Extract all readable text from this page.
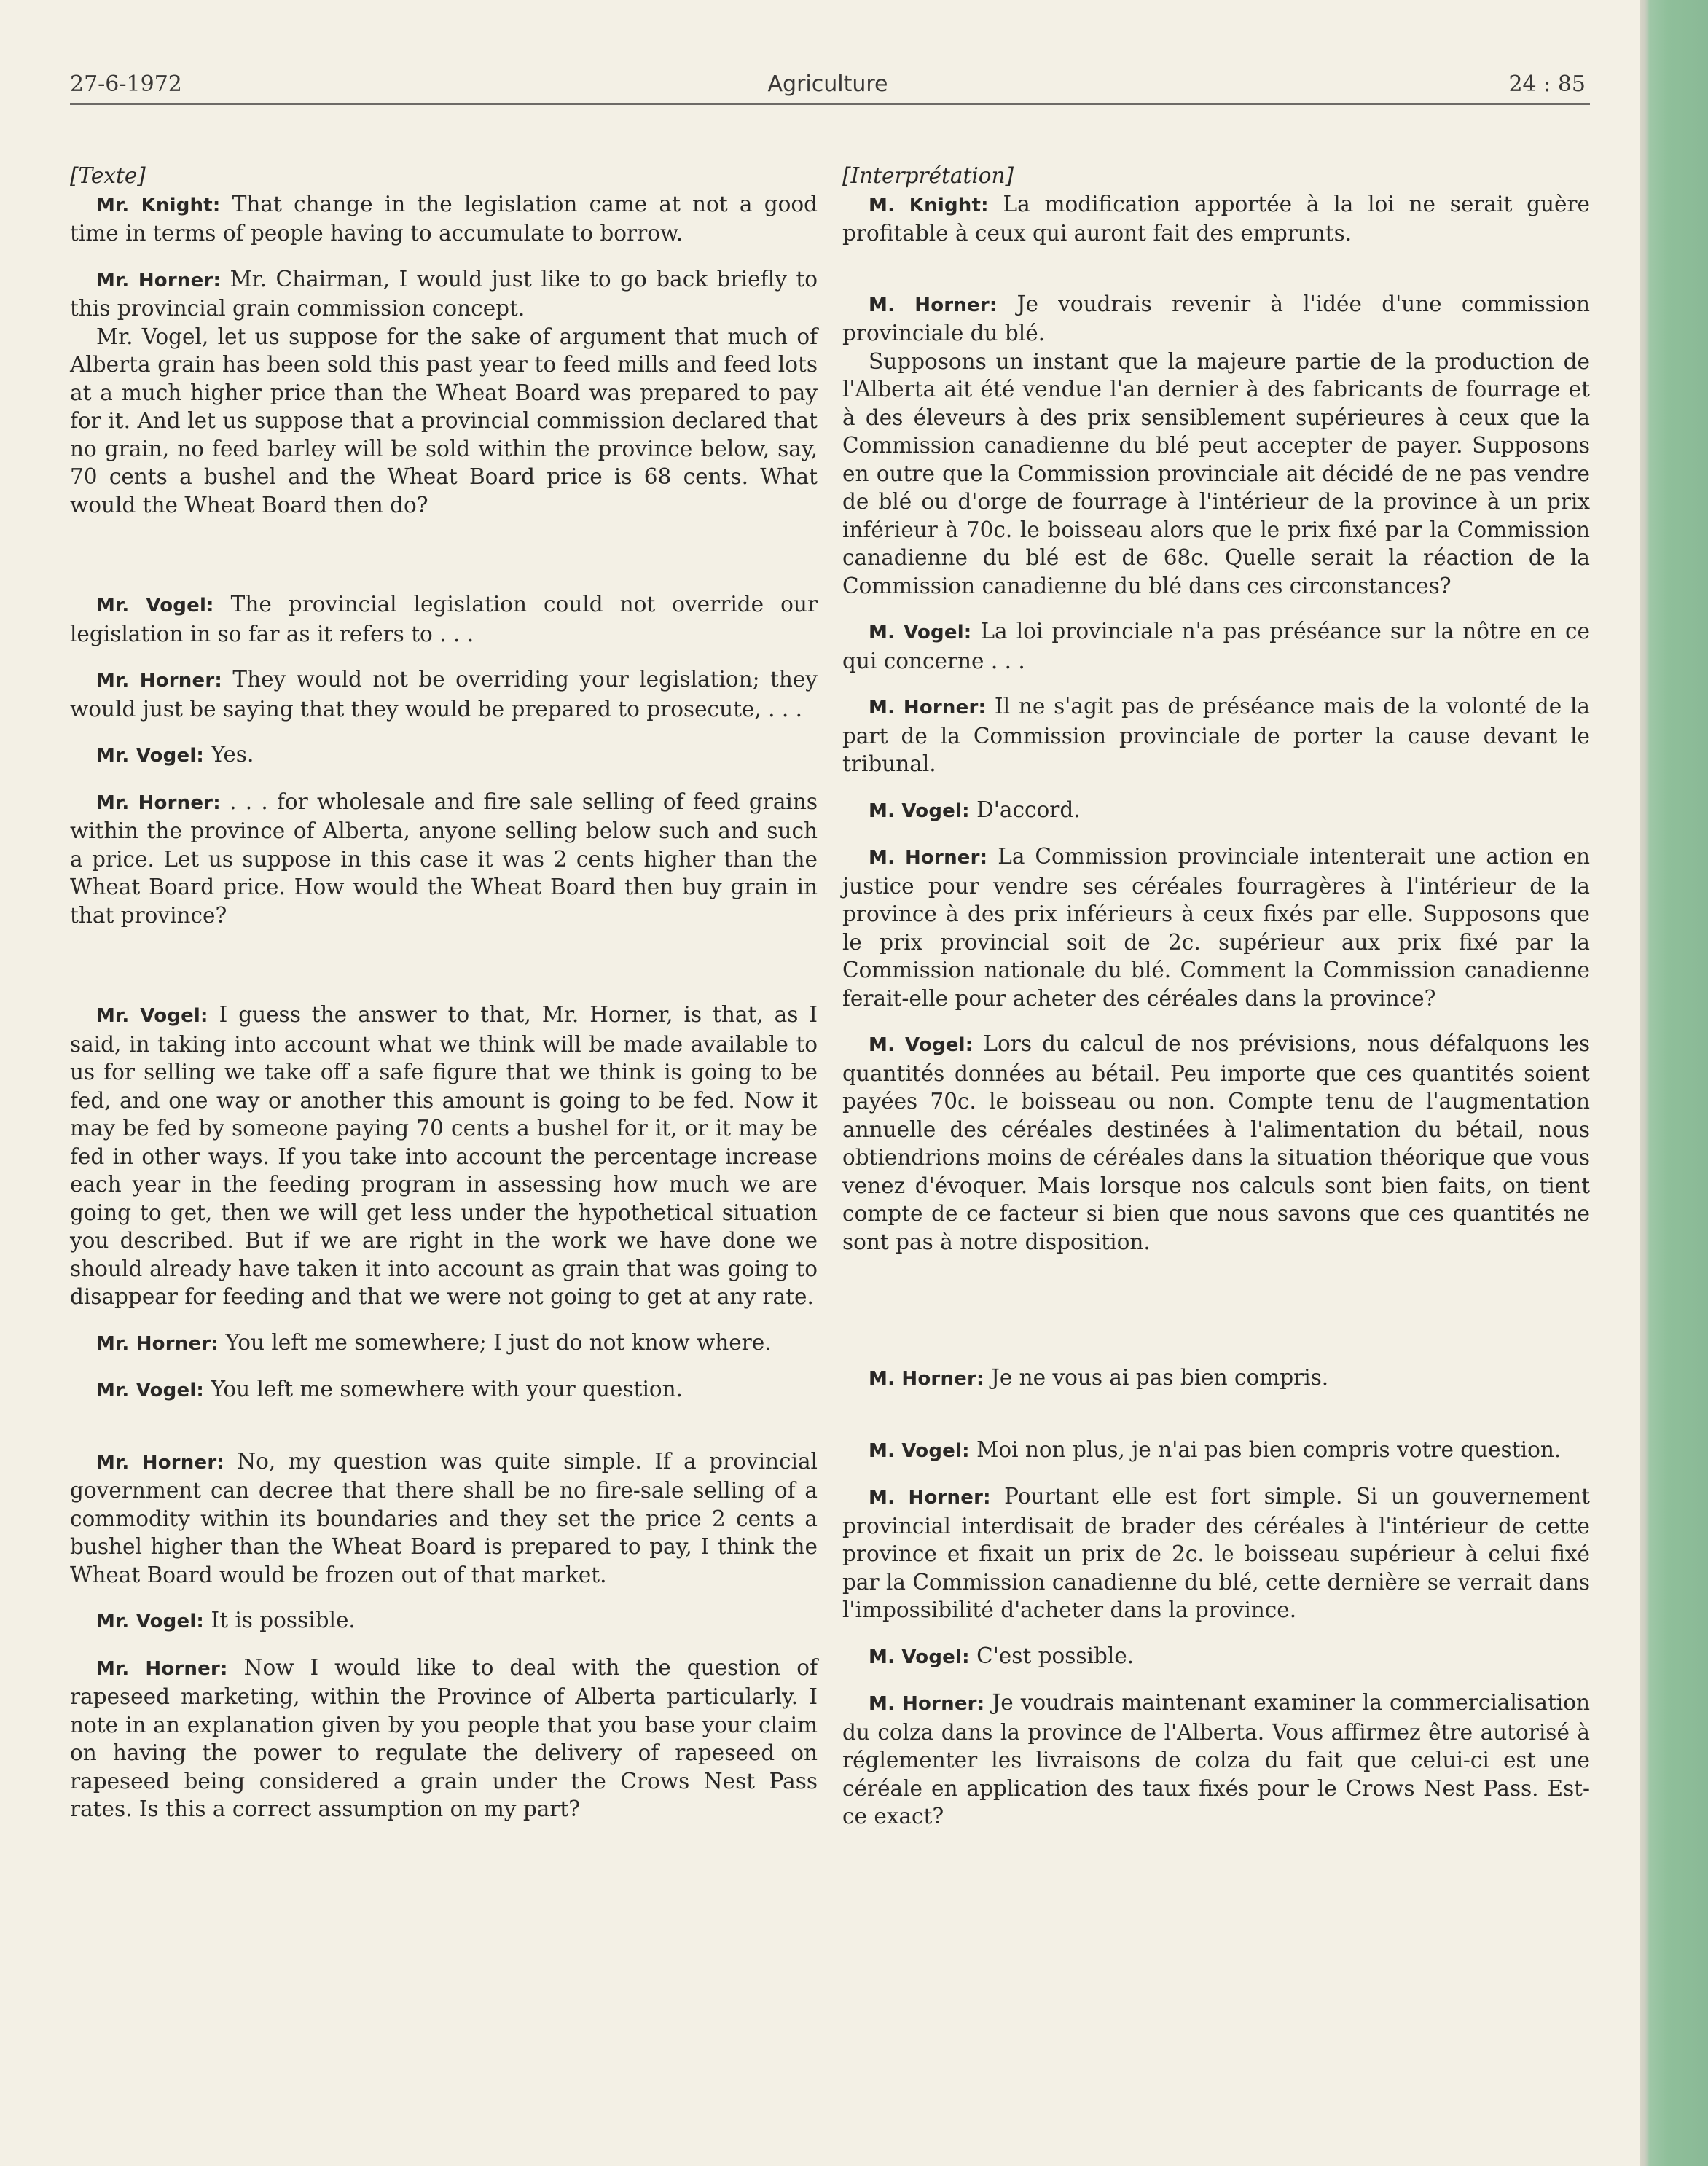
Agriculture
27-6-1972	24 : 85

[Texte]

Mr. Knight: That change in the legislation came at not a good time in terms of people having to accumulate to borrow.

Mr. Horner: Mr. Chairman, I would just like to go back briefly to this provincial grain commission concept.

Mr. Vogel, let us suppose for the sake of argument that much of Alberta grain has been sold this past year to feed mills and feed lots at a much higher price than the Wheat Board was prepared to pay for it. And let us suppose that a provincial commission declared that no grain, no feed barley will be sold within the province below, say, 70 cents a bushel and the Wheat Board price is 68 cents. What would the Wheat Board then do?

Mr. Vogel: The provincial legislation could not override our legislation in so far as it refers to . . .

Mr. Horner: They would not be overriding your legislation; they would just be saying that they would be prepared to prosecute, . . .

Mr. Vogel: Yes.

Mr. Horner: . . . for wholesale and fire sale selling of feed grains within the province of Alberta, anyone selling below such and such a price. Let us suppose in this case it was 2 cents higher than the Wheat Board price. How would the Wheat Board then buy grain in that province?

Mr. Vogel: I guess the answer to that, Mr. Horner, is that, as I said, in taking into account what we think will be made available to us for selling we take off a safe figure that we think is going to be fed, and one way or another this amount is going to be fed. Now it may be fed by someone paying 70 cents a bushel for it, or it may be fed in other ways. If you take into account the percentage increase each year in the feeding program in assessing how much we are going to get, then we will get less under the hypothetical situation you described. But if we are right in the work we have done we should already have taken it into account as grain that was going to disappear for feeding and that we were not going to get at any rate.

Mr. Horner: You left me somewhere; I just do not know where.

Mr. Vogel: You left me somewhere with your question.

Mr. Horner: No, my question was quite simple. If a provincial government can decree that there shall be no fire-sale selling of a commodity within its boundaries and they set the price 2 cents a bushel higher than the Wheat Board is prepared to pay, I think the Wheat Board would be frozen out of that market.

Mr. Vogel: It is possible.

Mr. Horner: Now I would like to deal with the question of rapeseed marketing, within the Province of Alberta particularly. I note in an explanation given by you people that you base your claim on having the power to regulate the delivery of rapeseed on rapeseed being considered a grain under the Crows Nest Pass rates. Is this a correct assumption on my part?

[Interprétation]

M. Knight: La modification apportée à la loi ne serait guère profitable à ceux qui auront fait des emprunts.

M. Horner: Je voudrais revenir à l'idée d'une commission provinciale du blé.

Supposons un instant que la majeure partie de la production de l'Alberta ait été vendue l'an dernier à des fabricants de fourrage et à des éleveurs à des prix sensiblement supérieures à ceux que la Commission canadienne du blé peut accepter de payer. Supposons en outre que la Commission provinciale ait décidé de ne pas vendre de blé ou d'orge de fourrage à l'intérieur de la province à un prix inférieur à 70c. le boisseau alors que le prix fixé par la Commission canadienne du blé est de 68c. Quelle serait la réaction de la Commission canadienne du blé dans ces circonstances?

M. Vogel: La loi provinciale n'a pas préséance sur la nôtre en ce qui concerne . . .

M. Horner: Il ne s'agit pas de préséance mais de la volonté de la part de la Commission provinciale de porter la cause devant le tribunal.

M. Vogel: D'accord.

M. Horner: La Commission provinciale intenterait une action en justice pour vendre ses céréales fourragères à l'intérieur de la province à des prix inférieurs à ceux fixés par elle. Supposons que le prix provincial soit de 2c. supérieur aux prix fixé par la Commission nationale du blé. Comment la Commission canadienne ferait-elle pour acheter des céréales dans la province?

M. Vogel: Lors du calcul de nos prévisions, nous défalquons les quantités données au bétail. Peu importe que ces quantités soient payées 70c. le boisseau ou non. Compte tenu de l'augmentation annuelle des céréales destinées à l'alimentation du bétail, nous obtiendrions moins de céréales dans la situation théorique que vous venez d'évoquer. Mais lorsque nos calculs sont bien faits, on tient compte de ce facteur si bien que nous savons que ces quantités ne sont pas à notre disposition.

M. Horner: Je ne vous ai pas bien compris.

M. Vogel: Moi non plus, je n'ai pas bien compris votre question.

M. Horner: Pourtant elle est fort simple. Si un gouvernement provincial interdisait de brader des céréales à l'intérieur de cette province et fixait un prix de 2c. le boisseau supérieur à celui fixé par la Commission canadienne du blé, cette dernière se verrait dans l'impossibilité d'acheter dans la province.

M. Vogel: C'est possible.

M. Horner: Je voudrais maintenant examiner la commercialisation du colza dans la province de l'Alberta. Vous affirmez être autorisé à réglementer les livraisons de colza du fait que celui-ci est une céréale en application des taux fixés pour le Crows Nest Pass. Est-ce exact?
